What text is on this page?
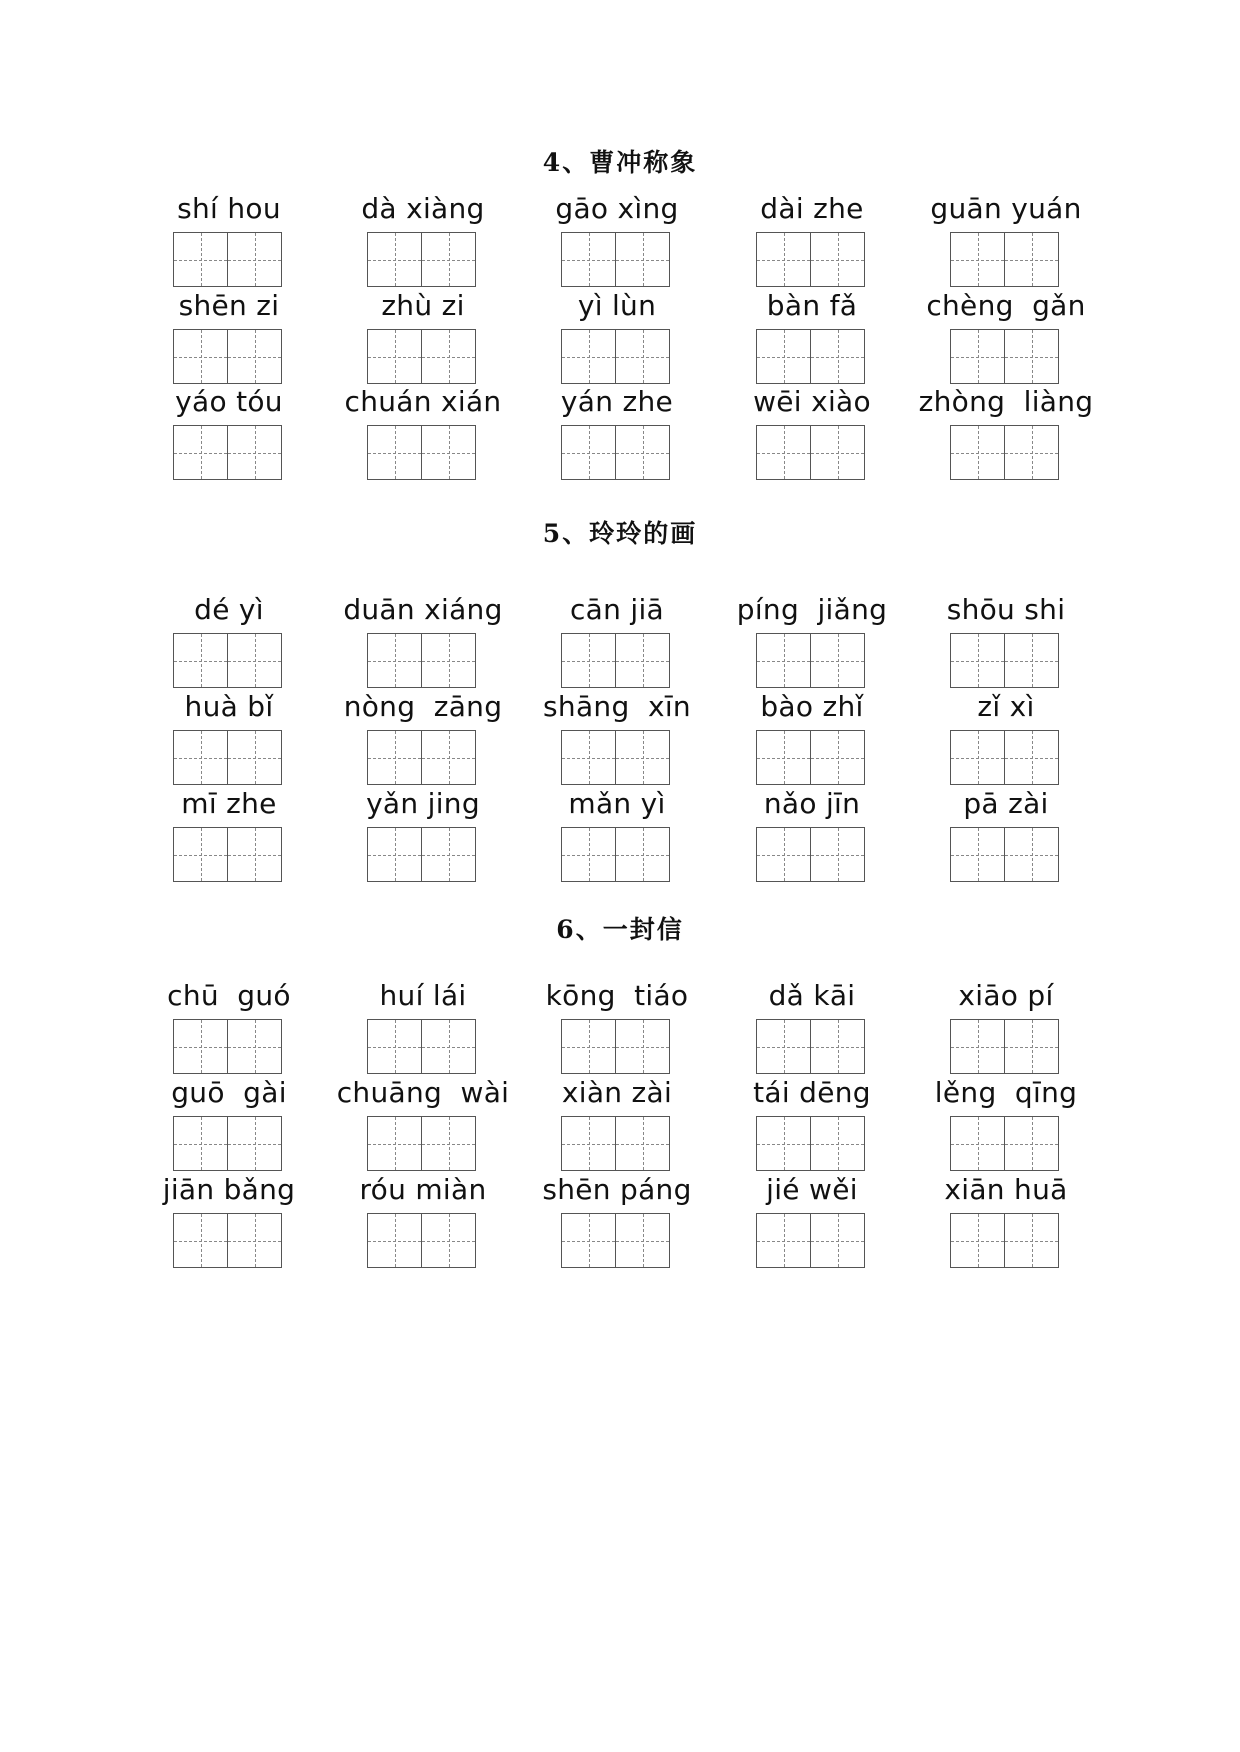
4、曹冲称象
5、玲玲的画
6、一封信
shí hou	dà xiàng	gāo xìng	dài zhe	guān yuán
shēn zi	zhù zi	yì lùn	bàn fǎ	chèng  gǎn
yáo tóu	chuán xián	yán zhe	wēi xiào	zhòng  liàng
dé yì	duān xiáng	cān jiā	píng  jiǎng	shōu shi
huà bǐ	nòng  zāng	shāng  xīn	bào zhǐ	zǐ xì
mī zhe	yǎn jing	mǎn yì	nǎo jīn	pā zài
chū  guó	huí lái	kōng  tiáo	dǎ kāi	xiāo pí
guō  gài	chuāng  wài	xiàn zài	tái dēng	lěng  qīng
jiān bǎng	róu miàn	shēn páng	jié wěi	xiān huā
